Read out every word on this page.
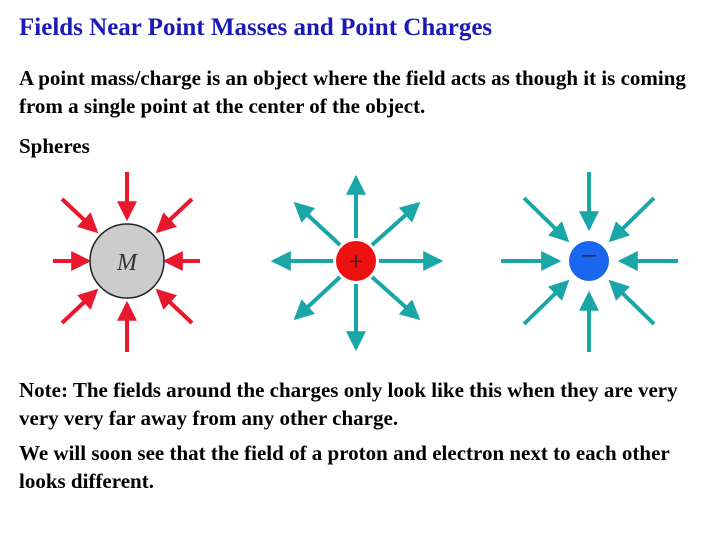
Fields Near Point Masses and Point Charges
A point mass/charge is an object where the field acts as though it is coming from a single point at the center of the object.
Spheres
M	+	–
Note: The fields around the charges only look like this when they are very very very far away from any other charge.
We will soon see that the field of a proton and electron next to each other looks different.
